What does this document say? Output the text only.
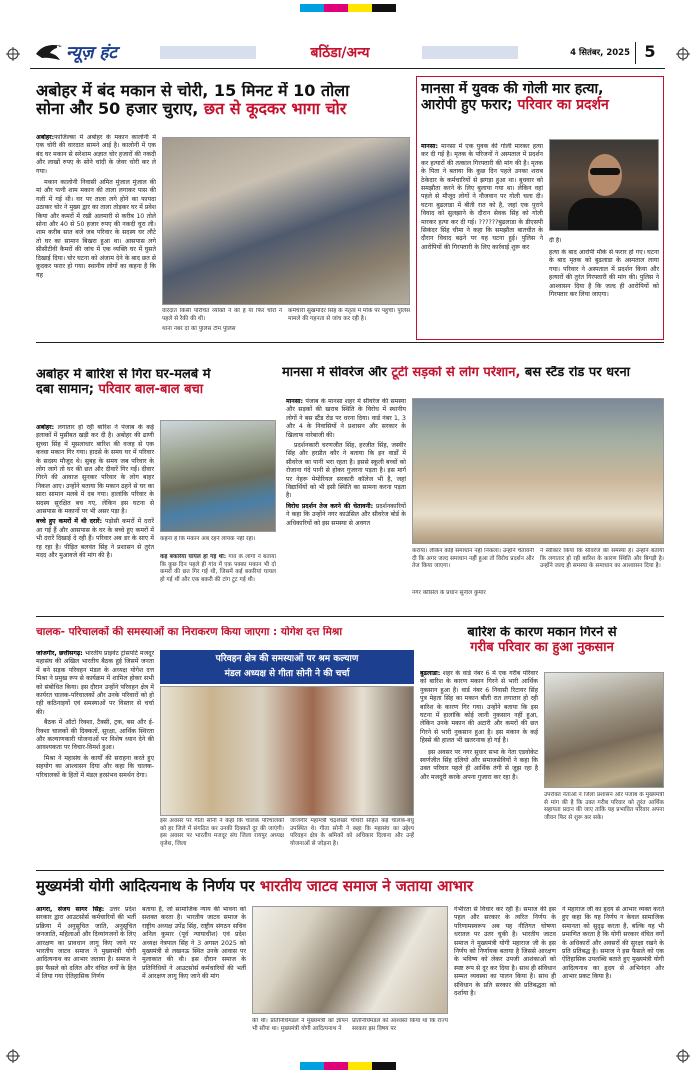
न्यूज़ हंट	बठिंडा/अन्य	4 सितंबर, 2025 5
अबोहर में बंद मकान से चोरी, 15 मिनट में 10 तोला
सोना और 50 हजार चुराए, छत से कूदकर भागा चोर

अबोहर:फाजिल्का में अबोहर के मकान कालोनी में एक चोरी की वारदात सामने आई है। कालोनी में एक बंद घर मकान से सरेशाम अज्ञात चोर हजारों की नकदी और लाखों रुपए के सोने चांदी के जेवर चोरी कर ले गया।

मकान कालोनी निवासी अमित मुंजाल मुंजाल की मां और पत्नी शाम मकान की ताला लगाकर पास की गली में गई थी। घर पर ताला लगे होने का फायदा उठाकर चोर ने मुख्य द्वार का ताला तोड़कर घर में प्रवेश किया और कमरों में रखी अलमारी से करीब 10 तोले सोना और 40 से 50 हजार रुपए की नकदी चुरा ली। शाम करीब सात बजे जब परिवार के सदस्य घर लौटे तो घर का सामान बिखरा हुआ था। आसपास लगे सीसीटीवी कैमरों की जांच में एक व्यक्ति घर में घुसते दिखाई दिया। चोर घटना को अंजाम देने के बाद छत से कूदकर फरार हो गया। स्थानीय लोगों का कहना है कि यह

वारदात किसी परिचित व्यक्ति ने की है या फिर चोरों ने पहले से रैकी की थी।
थाना नंबर दो की पुलिस टीम पुलिस
कर्मचारी सुखमंदिर सिंह के नेतृत्व में मौके पर पहुंची। पुलिस मामले की गहनता से जांच कर रही है।
मानसा में युवक की गोली मार हत्या,
आरोपी हुए फरार; परिवार का प्रदर्शन

मानसा: मानसा में एक युवक की गोली मारकर हत्या कर दी गई है। मृतक के परिजनों ने अस्पताल में प्रदर्शन कर हत्यारों की तत्काल गिरफ्तारी की मांग की है। मृतक के पिता ने बताया कि कुछ दिन पहले उनका शराब ठेकेदार के कर्मचारियों से झगड़ा हुआ था। बुधवार को समझौता करने के लिए बुलाया गया था। लेकिन वहां पहले से मौजूद लोगों ने नौजवान पर गोली चला दी। घटना बुढलाडा में बीती रात को है, जहां एक पुराने विवाद को सुलझाने के दौरान सेवक सिंह को गोली मारकर हत्या कर दी गई। ??????बुढलाडा के डीएसपी सिकंदर सिंह चीमा ने कहा कि समझौता बातचीत के दौरान विवाद बढ़ने पर यह घटना हुई। पुलिस ने आरोपियों की गिरफ्तारी के लिए कार्रवाई शुरू कर

दी है।
हत्या के बाद आरोपी मौके से फरार हो गए। घटना के बाद मृतक को बुढलाडा के अस्पताल लाया गया। परिवार ने अस्पताल में प्रदर्शन किया और हत्यारों की तुरंत गिरफ्तारी की मांग की। पुलिस ने आश्वासन दिया है कि जल्द ही आरोपियों को गिरफ्तार कर लिया जाएगा।
अबोहर में बारिश से गिरा घर-मलबे में
दबा सामान; परिवार बाल-बाल बचा

अबोहर: लगातार हो रही बारिश ने पंजाब के कई इलाकों में मुसीबत खड़ी कर दी है। अबोहर की ढाणी सुच्चा सिंह में मूसलाधार बारिश की वजह से एक कच्चा मकान गिर गया। हादसे के समय घर में परिवार के सदस्य मौजूद थे। सुबह के समय जब परिवार के लोग जागे तो घर की छत और दीवारें गिर गईं। दीवार गिरने की आवाज सुनकर परिवार के लोग बाहर निकल आए। उन्होंने बताया कि मकान ढहने से घर का सारा सामान मलबे में दब गया। हालांकि परिवार के सदस्य सुरक्षित बच गए, लेकिन इस घटना से आसपास के मकानों पर भी असर पड़ा है।

बच्चे हुए कमरों में थी दरारें: पड़ोसी कमरों में दरारें आ गई हैं और आसपास के घर के बच्चे हुए कमरों में भी दरारें दिखाई दे रही हैं। परिवार अब डर के साए में रह रहा है। पीड़ित बलवंत सिंह ने प्रशासन से तुरंत मदद और मुआवजे की मांग की है।

कहना है कि मकान अब रहने लायक नहीं रहा।
कई बकरियां घायल हो गई थीं: गांव के लोगों ने बताया कि कुछ दिन पहले ही गांव में एक पक्का मकान भी दो कमरों की छत गिर गई थी, जिसमें कई बकरियां घायल हो गई थीं और एक बकरी की टांग टूट गई थी।
मानसा में सीवरेज और टूटी सड़कों से लोग परेशान, बस स्टैंड रोड पर धरना

मानसा: पंजाब के मानसा शहर में सीवरेज की समस्या और सड़कों की खराब स्थिति के विरोध में स्थानीय लोगों ने बस स्टैंड रोड पर धरना दिया। वार्ड नंबर 1, 3 और 4 के निवासियों ने प्रशासन और सरकार के खिलाफ नारेबाजी की।

प्रदर्शनकारी चरणजीत सिंह, हरजीत सिंह, जस्वीर सिंह और हरप्रीत कौर ने बताया कि इन वार्डों में सीवरेज का पानी भरा रहता है। इससे स्कूली बच्चों को रोजाना गंदे पानी से होकर गुजरना पड़ता है। इस मार्ग पर नेहरू मेमोरियल सरकारी कॉलेज भी है, जहां विद्यार्थियों को भी इसी स्थिति का सामना करना पड़ता है।

विरोध प्रदर्शन तेज करने की चेतावनी: प्रदर्शनकारियों ने कहा कि उन्होंने नगर काउंसिल और सीवरेज बोर्ड के अधिकारियों को इस समस्या से अवगत

कराया। लेकिन कोई समाधान नहीं निकला। उन्होंने चेतावनी दी कि अगर जल्द समाधान नहीं हुआ तो विरोध प्रदर्शन और तेज किया जाएगा।
नगर कौंसिल के प्रधान सुनील कुमार
ने स्वीकार किया कि सीवरेज की समस्या है। उन्होंने बताया कि लगातार हो रही बारिश के कारण स्थिति और बिगड़ी है। उन्होंने जल्द ही समस्या के समाधान का आश्वासन दिया है।
चालक- परिचालकों की समस्याओं का निराकरण किया जाएगा : योगेश दत्त मिश्रा

जांजगीर, छत्तीसगढ़: भारतीय प्राइवेट ट्रांसपोर्ट मजदूर महासंघ की अखिल भारतीय बैठक हुई जिसमें जनता में बने सड़क परिवहन मंडल के अध्यक्ष योगेश दत्त मिश्रा ने प्रमुख रूप से कार्यक्रम में शामिल होकर सभी को संबोधित किया। इस दौरान उन्होंने परिवहन क्षेत्र में कार्यरत चालक-परिचालकों और उनके परिवारों को हो रही कठिनाइयों एवं समस्याओं पर विस्तार से चर्चा की।

बैठक में ऑटो रिक्शा, टैक्सी, ट्रक, बस और ई-रिक्शा चालकों की दिक्कतों, सुरक्षा, आर्थिक स्थिरता और कल्याणकारी योजनाओं पर विशेष ध्यान देने की आवश्यकता पर विचार-विमर्श हुआ।

मिश्रा ने महासंघ के कार्यों की सराहना करते हुए सहयोग का आश्वासन दिया और कहा कि चालक-परिचालकों के हितों में मंडल हरसंभव समर्थन देगा।

परिवहन क्षेत्र की समस्याओं पर श्रम कल्याण
मंडल अध्यक्ष से गीता सोनी ने की चर्चा
इस अवसर पर गीता सोनी ने कहा कि चालक परिचालकों को हर जिले में संगठित कर उनकी दिक्कतें दूर की जाएंगी। इस अवसर पर भारतीय मजदूर संघ जिला रायपुर अध्यक्ष वृजेश, जिला
जांजगीर महामंत्री चंद्रशेखर चौधरी सहित कई चालक-बंधु उपस्थित थे। गीता सोनी ने कहा कि महासंघ का उद्देश्य परिवहन क्षेत्र के श्रमिकों को अधिकार दिलाना और उन्हें योजनाओं से जोड़ना है।
बारिश के कारण मकान गिरने से
गरीब परिवार का हुआ नुकसान

बुढलाडा: शहर के वार्ड नंबर 6 में एक गरीब परिवार को बारिश के कारण मकान गिरने से भारी आर्थिक नुकसान हुआ है। वार्ड नंबर 6 निवासी रिटायर सिंह पुत्र मेहता सिंह का मकान बीती रात लगातार हो रही बारिश के कारण गिर गया। उन्होंने बताया कि इस घटना में हालांकि कोई जानी नुकसान नहीं हुआ, लेकिन उनके मकान की अटारी और कमरों की छत गिरने से भारी नुकसान हुआ है। इस मकान के कई हिस्से की हालत भी खतरनाक हो गई है।

इस अवसर पर नगर सुधार सभा के नेता एडवोकेट स्वर्णजीत सिंह दलियो और समाजसेवियों ने कहा कि उक्त परिवार पहले ही आर्थिक तंगी से जूझ रहा है और मजदूरी करके अपना गुजारा कर रहा है।

उपरोक्त नेताओं ने जिला प्रशासन और पंजाब के मुख्यमंत्री से मांग की है कि उक्त गरीब परिवार को तुरंत आर्थिक सहायता प्रदान की जाए ताकि यह प्रभावित परिवार अपना जीवन फिर से शुरू कर सके।
मुख्यमंत्री योगी आदित्यनाथ के निर्णय पर भारतीय जाटव समाज ने जताया आभार

आगरा, संजय सागर सिंह: उत्तर प्रदेश सरकार द्वारा आउटसोर्स कर्मचारियों की भर्ती प्रक्रिया में अनुसूचित जाति, अनुसूचित जनजाति, महिलाओं और दिव्यांगजनों के लिए आरक्षण का प्रावधान लागू किए जाने पर भारतीय जाटव समाज ने मुख्यमंत्री योगी आदित्यनाथ का आभार जताया है। समाज ने इस फैसले को दलित और वंचित वर्गों के हित में लिया गया ऐतिहासिक निर्णय

बताया है, जो सामाजिक न्याय की भावना को सशक्त करता है। भारतीय जाटव समाज के राष्ट्रीय अध्यक्ष उपेंद्र सिंह, राष्ट्रीय संगठन सचिव अनिल कुमार (पूर्व न्यायाधीश) एवं प्रदेश अध्यक्ष नेत्रपाल सिंह ने 3 अगस्त 2025 को मुख्यमंत्री से लखनऊ स्थित उनके आवास पर मुलाकात की थी। इस दौरान समाज के प्रतिनिधियों ने आउटसोर्स कर्मचारियों की भर्ती में आरक्षण लागू किए जाने की मांग
की थी। प्रतिनिधिमंडल ने मुख्यमंत्री को ज्ञापन भी सौंपा था। मुख्यमंत्री योगी आदित्यनाथ ने
प्रतिनिधिमंडल को आश्वस्त किया था कि राज्य सरकार इस विषय पर
गंभीरता से विचार कर रही है। समाज की इस पहल और सरकार के त्वरित निर्णय के परिणामस्वरूप अब यह नीतिगत घोषणा धरातल पर उतर चुकी है। भारतीय जाटव समाज ने मुख्यमंत्री योगी महाराज जी के इस निर्णय को निर्णायक बताया है जिससे आरक्षण के भविष्य को लेकर उपजी आशंकाओं को स्पष्ट रूप से दूर कर दिया है। साथ ही संविधान सम्मत व्यवस्था का पालन किया है। साथ ही संविधान के प्रति सरकार की प्रतिबद्धता को दर्शाया है।
ने महाराज जी का हृदय से आभार व्यक्त करते हुए कहा कि यह निर्णय न केवल सामाजिक समानता को सुदृढ़ करता है, बल्कि यह भी प्रमाणित करता है कि योगी सरकार वंचित वर्गों के अधिकारों और अवसरों की सुरक्षा रखने के प्रति प्रतिबद्ध है। समाज ने इस फैसले को एक ऐतिहासिक उपलब्धि बताते हुए मुख्यमंत्री योगी आदित्यनाथ का हृदय से अभिनंदन और आभार प्रकट किया है।
